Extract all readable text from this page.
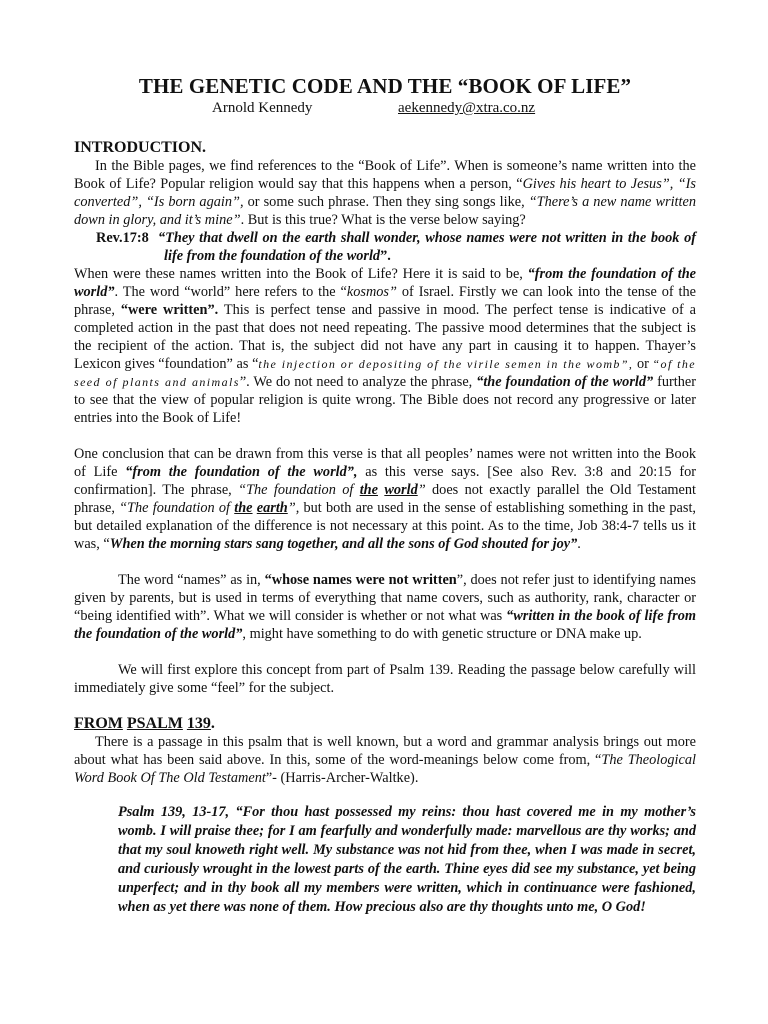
THE GENETIC CODE AND THE “BOOK OF LIFE”
Arnold Kennedy	aekennedy@xtra.co.nz
INTRODUCTION.

In the Bible pages, we find references to the “Book of Life”. When is someone’s name written into the Book of Life? Popular religion would say that this happens when a person, “Gives his heart to Jesus”, “Is converted”, “Is born again”, or some such phrase. Then they sing songs like, “There’s a new name written down in glory, and it’s mine”. But is this true? What is the verse below saying?

Rev.17:8 “They that dwell on the earth shall wonder, whose names were not written in the book of life from the foundation of the world”.

When were these names written into the Book of Life? Here it is said to be, “from the foundation of the world”. The word “world” here refers to the “kosmos” of Israel. Firstly we can look into the tense of the phrase, “were written”. This is perfect tense and passive in mood. The perfect tense is indicative of a completed action in the past that does not need repeating. The passive mood determines that the subject is the recipient of the action. That is, the subject did not have any part in causing it to happen. Thayer’s Lexicon gives “foundation” as “the injection or depositing of the virile semen in the womb”, or “of the seed of plants and animals”. We do not need to analyze the phrase, “the foundation of the world” further to see that the view of popular religion is quite wrong. The Bible does not record any progressive or later entries into the Book of Life!

One conclusion that can be drawn from this verse is that all peoples’ names were not written into the Book of Life “from the foundation of the world”, as this verse says. [See also Rev. 3:8 and 20:15 for confirmation]. The phrase, “The foundation of the world” does not exactly parallel the Old Testament phrase, “The foundation of the earth”, but both are used in the sense of establishing something in the past, but detailed explanation of the difference is not necessary at this point. As to the time, Job 38:4-7 tells us it was, “When the morning stars sang together, and all the sons of God shouted for joy”.

The word “names” as in, “whose names were not written”, does not refer just to identifying names given by parents, but is used in terms of everything that name covers, such as authority, rank, character or “being identified with”. What we will consider is whether or not what was “written in the book of life from the foundation of the world”, might have something to do with genetic structure or DNA make up.

We will first explore this concept from part of Psalm 139. Reading the passage below carefully will immediately give some “feel” for the subject.

FROM PSALM 139.

There is a passage in this psalm that is well known, but a word and grammar analysis brings out more about what has been said above. In this, some of the word-meanings below come from, “The Theological Word Book Of The Old Testament”- (Harris-Archer-Waltke).

Psalm 139, 13-17, “For thou hast possessed my reins: thou hast covered me in my mother’s womb. I will praise thee; for I am fearfully and wonderfully made: marvellous are thy works; and that my soul knoweth right well. My substance was not hid from thee, when I was made in secret, and curiously wrought in the lowest parts of the earth. Thine eyes did see my substance, yet being unperfect; and in thy book all my members were written, which in continuance were fashioned, when as yet there was none of them. How precious also are thy thoughts unto me, O God!
